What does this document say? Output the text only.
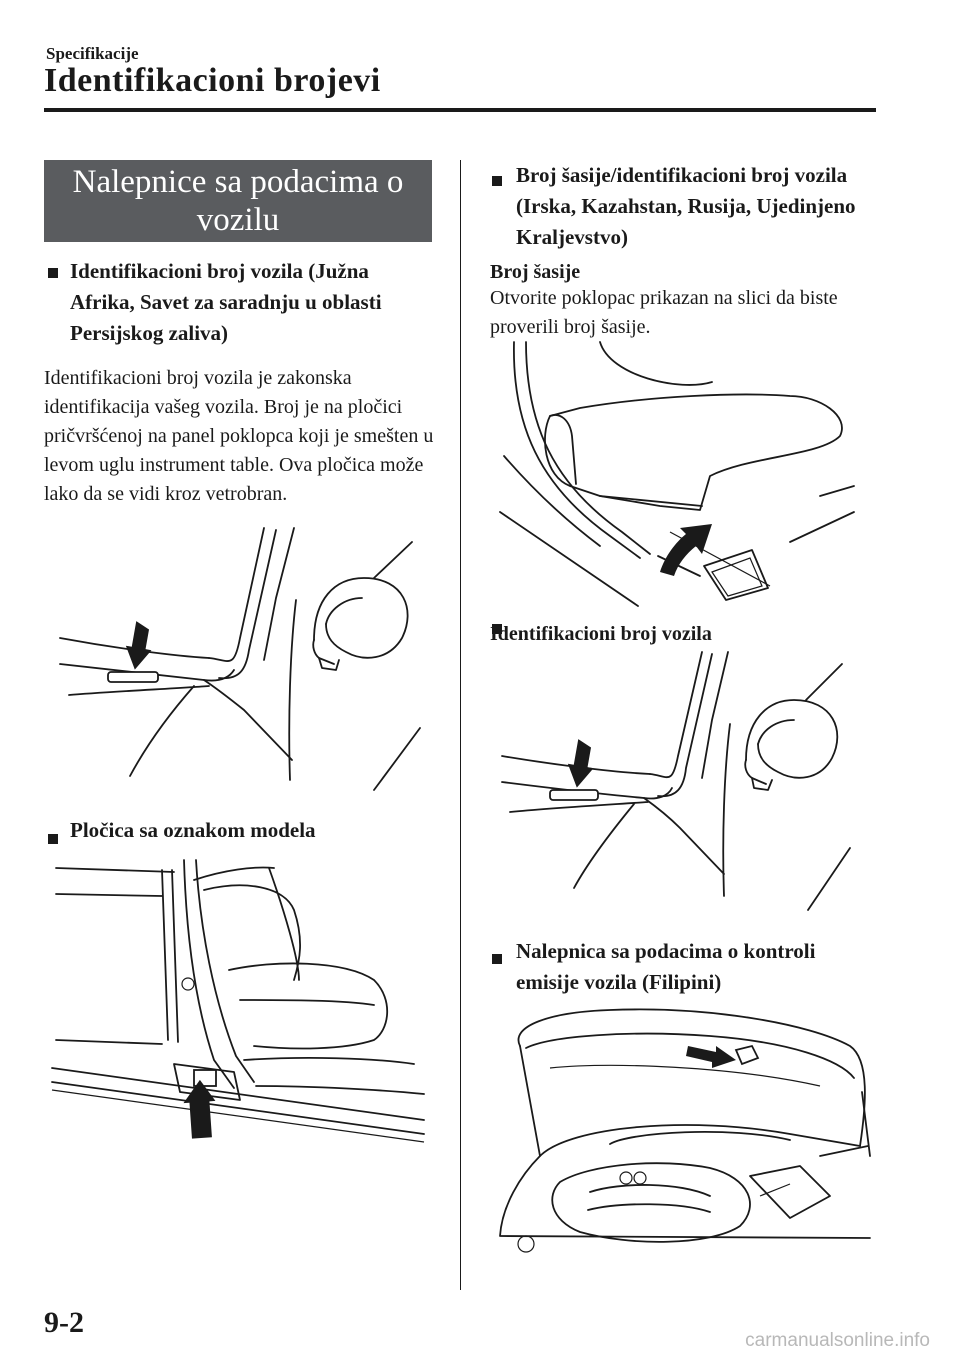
Specifikacije
Identifikacioni brojevi
Nalepnice sa podacima o vozilu
Identifikacioni broj vozila (Južna Afrika, Savet za saradnju u oblasti Persijskog zaliva)
Identifikacioni broj vozila je zakonska identifikacija vašeg vozila. Broj je na pločici pričvršćenoj na panel poklopca koji je smešten u levom uglu instrument table. Ova pločica može lako da se vidi kroz vetrobran.
Pločica sa oznakom modela
Broj šasije/identifikacioni broj vozila (Irska, Kazahstan, Rusija, Ujedinjeno Kraljevstvo)
Broj šasije
Otvorite poklopac prikazan na slici da biste proverili broj šasije.
Identifikacioni broj vozila
Nalepnica sa podacima o kontroli emisije vozila (Filipini)
9-2
carmanualsonline.info
